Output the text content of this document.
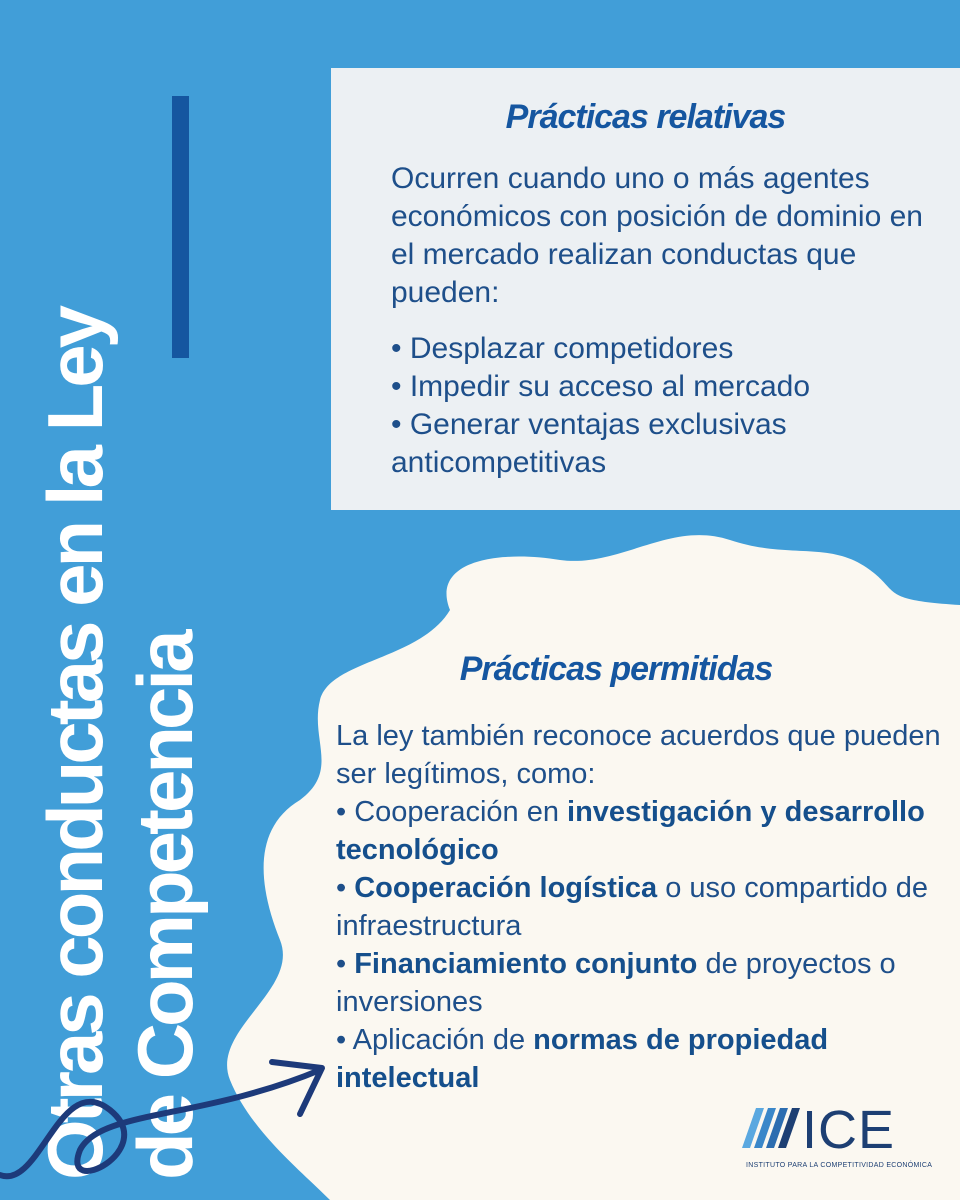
Otras conductas en la Ley de Competencia
Prácticas relativas
Ocurren cuando uno o más agentes económicos con posición de dominio en el mercado realizan conductas que pueden:
• Desplazar competidores
• Impedir su acceso al mercado
• Generar ventajas exclusivas anticompetitivas
Prácticas permitidas
La ley también reconoce acuerdos que pueden ser legítimos, como:
• Cooperación en investigación y desarrollo tecnológico
• Cooperación logística o uso compartido de infraestructura
• Financiamiento conjunto de proyectos o inversiones
• Aplicación de normas de propiedad intelectual
ICE
INSTITUTO PARA LA COMPETITIVIDAD ECONÓMICA
